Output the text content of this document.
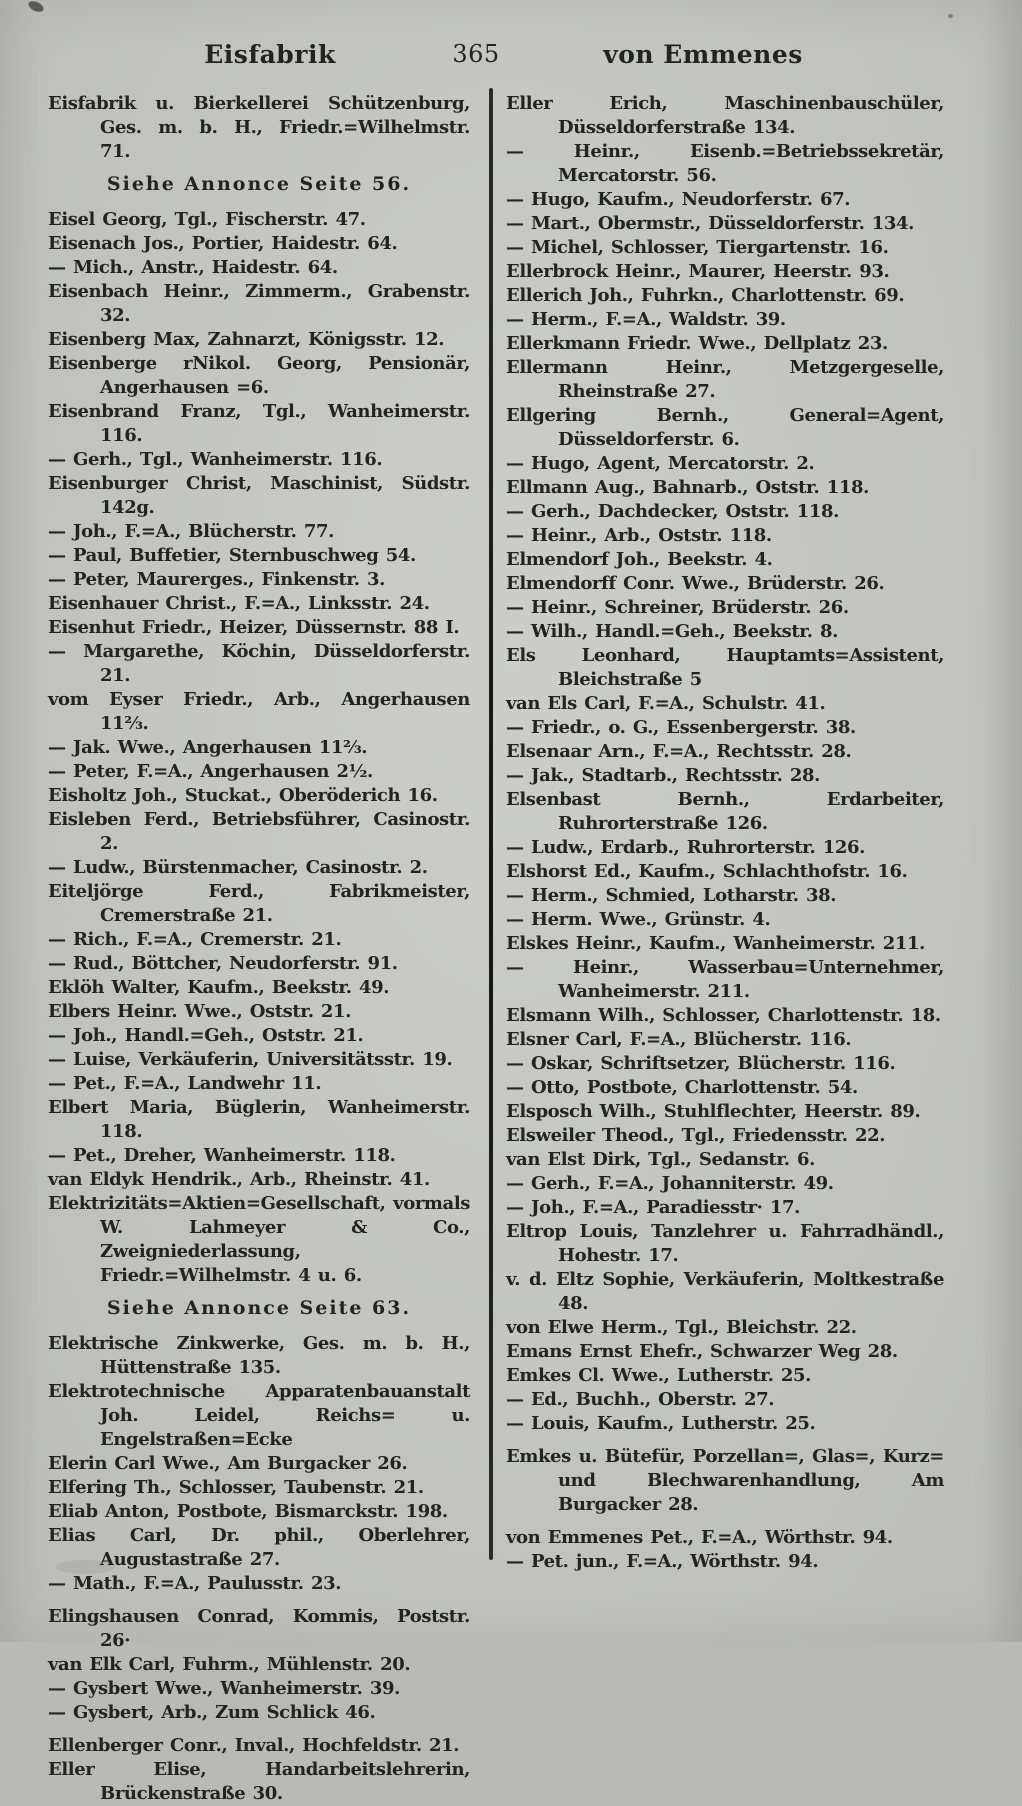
Eisfabrik	365	von Emmenes
Eisfabrik u. Bierkellerei Schützenburg, Ges. m. b. H., Friedr.=Wilhelmstr. 71.
Siehe Annonce Seite 56.
Eisel Georg, Tgl., Fischerstr. 47.
Eisenach Jos., Portier, Haidestr. 64.
— Mich., Anstr., Haidestr. 64.
Eisenbach Heinr., Zimmerm., Grabenstr. 32.
Eisenberg Max, Zahnarzt, Königsstr. 12.
Eisenberge rNikol. Georg, Pensionär, Angerhausen =6.
Eisenbrand Franz, Tgl., Wanheimerstr. 116.
— Gerh., Tgl., Wanheimerstr. 116.
Eisenburger Christ, Maschinist, Südstr. 142g.
— Joh., F.=A., Blücherstr. 77.
— Paul, Buffetier, Sternbuschweg 54.
— Peter, Maurerges., Finkenstr. 3.
Eisenhauer Christ., F.=A., Linksstr. 24.
Eisenhut Friedr., Heizer, Düssernstr. 88 I.
— Margarethe, Köchin, Düsseldorferstr. 21.
vom Eyser Friedr., Arb., Angerhausen 11⅔.
— Jak. Wwe., Angerhausen 11⅔.
— Peter, F.=A., Angerhausen 2½.
Eisholtz Joh., Stuckat., Oberöderich 16.
Eisleben Ferd., Betriebsführer, Casinostr. 2.
— Ludw., Bürstenmacher, Casinostr. 2.
Eiteljörge Ferd., Fabrikmeister, Cremerstraße 21.
— Rich., F.=A., Cremerstr. 21.
— Rud., Böttcher, Neudorferstr. 91.
Eklöh Walter, Kaufm., Beekstr. 49.
Elbers Heinr. Wwe., Oststr. 21.
— Joh., Handl.=Geh., Oststr. 21.
— Luise, Verkäuferin, Universitätsstr. 19.
— Pet., F.=A., Landwehr 11.
Elbert Maria, Büglerin, Wanheimerstr. 118.
— Pet., Dreher, Wanheimerstr. 118.
van Eldyk Hendrik., Arb., Rheinstr. 41.
Elektrizitäts=Aktien=Gesellschaft, vormals W. Lahmeyer & Co., Zweigniederlassung, Friedr.=Wilhelmstr. 4 u. 6.
Siehe Annonce Seite 63.
Elektrische Zinkwerke, Ges. m. b. H., Hüttenstraße 135.
Elektrotechnische Apparatenbauanstalt Joh. Leidel, Reichs= u. Engelstraßen=Ecke
Elerin Carl Wwe., Am Burgacker 26.
Elfering Th., Schlosser, Taubenstr. 21.
Eliab Anton, Postbote, Bismarckstr. 198.
Elias Carl, Dr. phil., Oberlehrer, Augustastraße 27.
— Math., F.=A., Paulusstr. 23.
Elingshausen Conrad, Kommis, Poststr. 26·
van Elk Carl, Fuhrm., Mühlenstr. 20.
— Gysbert Wwe., Wanheimerstr. 39.
— Gysbert, Arb., Zum Schlick 46.
Ellenberger Conr., Inval., Hochfeldstr. 21.
Eller Elise, Handarbeitslehrerin, Brückenstraße 30.
Eller Erich, Maschinenbauschüler, Düsseldorferstraße 134.
— Heinr., Eisenb.=Betriebssekretär, Mercatorstr. 56.
— Hugo, Kaufm., Neudorferstr. 67.
— Mart., Obermstr., Düsseldorferstr. 134.
— Michel, Schlosser, Tiergartenstr. 16.
Ellerbrock Heinr., Maurer, Heerstr. 93.
Ellerich Joh., Fuhrkn., Charlottenstr. 69.
— Herm., F.=A., Waldstr. 39.
Ellerkmann Friedr. Wwe., Dellplatz 23.
Ellermann Heinr., Metzgergeselle, Rheinstraße 27.
Ellgering Bernh., General=Agent, Düsseldorferstr. 6.
— Hugo, Agent, Mercatorstr. 2.
Ellmann Aug., Bahnarb., Oststr. 118.
— Gerh., Dachdecker, Oststr. 118.
— Heinr., Arb., Oststr. 118.
Elmendorf Joh., Beekstr. 4.
Elmendorff Conr. Wwe., Brüderstr. 26.
— Heinr., Schreiner, Brüderstr. 26.
— Wilh., Handl.=Geh., Beekstr. 8.
Els Leonhard, Hauptamts=Assistent, Bleichstraße 5
van Els Carl, F.=A., Schulstr. 41.
— Friedr., o. G., Essenbergerstr. 38.
Elsenaar Arn., F.=A., Rechtsstr. 28.
— Jak., Stadtarb., Rechtsstr. 28.
Elsenbast Bernh., Erdarbeiter, Ruhrorterstraße 126.
— Ludw., Erdarb., Ruhrorterstr. 126.
Elshorst Ed., Kaufm., Schlachthofstr. 16.
— Herm., Schmied, Lotharstr. 38.
— Herm. Wwe., Grünstr. 4.
Elskes Heinr., Kaufm., Wanheimerstr. 211.
— Heinr., Wasserbau=Unternehmer, Wanheimerstr. 211.
Elsmann Wilh., Schlosser, Charlottenstr. 18.
Elsner Carl, F.=A., Blücherstr. 116.
— Oskar, Schriftsetzer, Blücherstr. 116.
— Otto, Postbote, Charlottenstr. 54.
Elsposch Wilh., Stuhlflechter, Heerstr. 89.
Elsweiler Theod., Tgl., Friedensstr. 22.
van Elst Dirk, Tgl., Sedanstr. 6.
— Gerh., F.=A., Johanniterstr. 49.
— Joh., F.=A., Paradiesstr· 17.
Eltrop Louis, Tanzlehrer u. Fahrradhändl., Hohestr. 17.
v. d. Eltz Sophie, Verkäuferin, Moltkestraße 48.
von Elwe Herm., Tgl., Bleichstr. 22.
Emans Ernst Ehefr., Schwarzer Weg 28.
Emkes Cl. Wwe., Lutherstr. 25.
— Ed., Buchh., Oberstr. 27.
— Louis, Kaufm., Lutherstr. 25.
Emkes u. Bütefür, Porzellan=, Glas=, Kurz= und Blechwarenhandlung, Am Burgacker 28.
von Emmenes Pet., F.=A., Wörthstr. 94.
— Pet. jun., F.=A., Wörthstr. 94.
